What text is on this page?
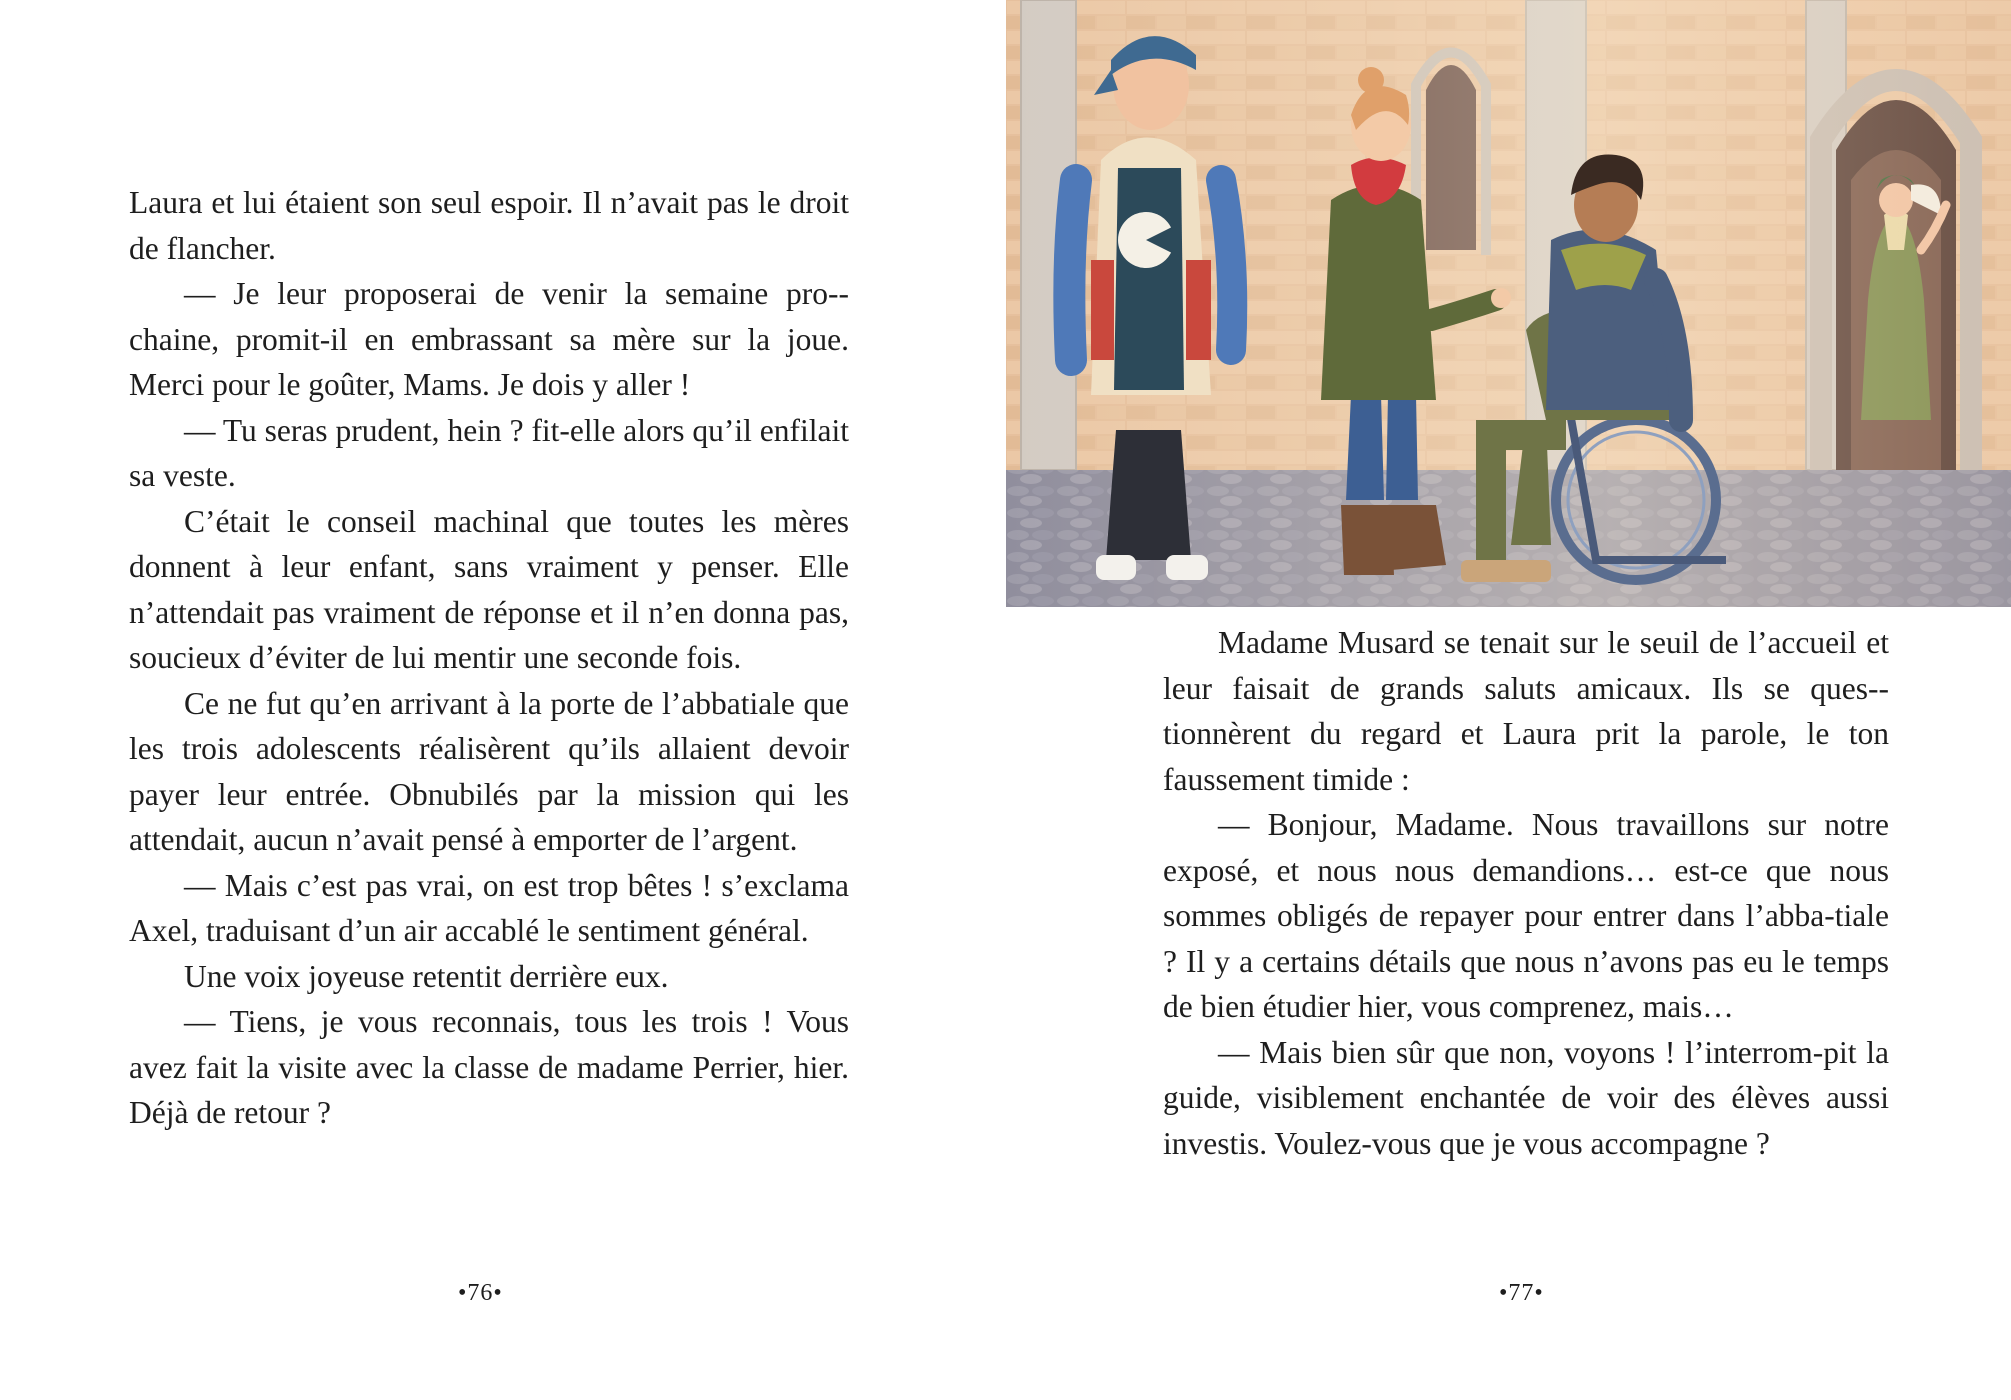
Laura et lui étaient son seul espoir. Il n’avait pas le droit de flancher.

— Je leur proposerai de venir la semaine pro-chaine, promit-il en embrassant sa mère sur la joue. Merci pour le goûter, Mams. Je dois y aller !

— Tu seras prudent, hein ? fit-elle alors qu’il enfilait sa veste.

C’était le conseil machinal que toutes les mères donnent à leur enfant, sans vraiment y penser. Elle n’attendait pas vraiment de réponse et il n’en donna pas, soucieux d’éviter de lui mentir une seconde fois.

Ce ne fut qu’en arrivant à la porte de l’abbatiale que les trois adolescents réalisèrent qu’ils allaient devoir payer leur entrée. Obnubilés par la mission qui les attendait, aucun n’avait pensé à emporter de l’argent.

— Mais c’est pas vrai, on est trop bêtes ! s’exclama Axel, traduisant d’un air accablé le sentiment général.

Une voix joyeuse retentit derrière eux.

— Tiens, je vous reconnais, tous les trois ! Vous avez fait la visite avec la classe de madame Perrier, hier. Déjà de retour ?

•76•

Madame Musard se tenait sur le seuil de l’accueil et leur faisait de grands saluts amicaux. Ils se ques-tionnèrent du regard et Laura prit la parole, le ton faussement timide :

— Bonjour, Madame. Nous travaillons sur notre exposé, et nous nous demandions… est-ce que nous sommes obligés de repayer pour entrer dans l’abba-tiale ? Il y a certains détails que nous n’avons pas eu le temps de bien étudier hier, vous comprenez, mais…

— Mais bien sûr que non, voyons ! l’interrom-pit la guide, visiblement enchantée de voir des élèves aussi investis. Voulez-vous que je vous accompagne ?

•77•
